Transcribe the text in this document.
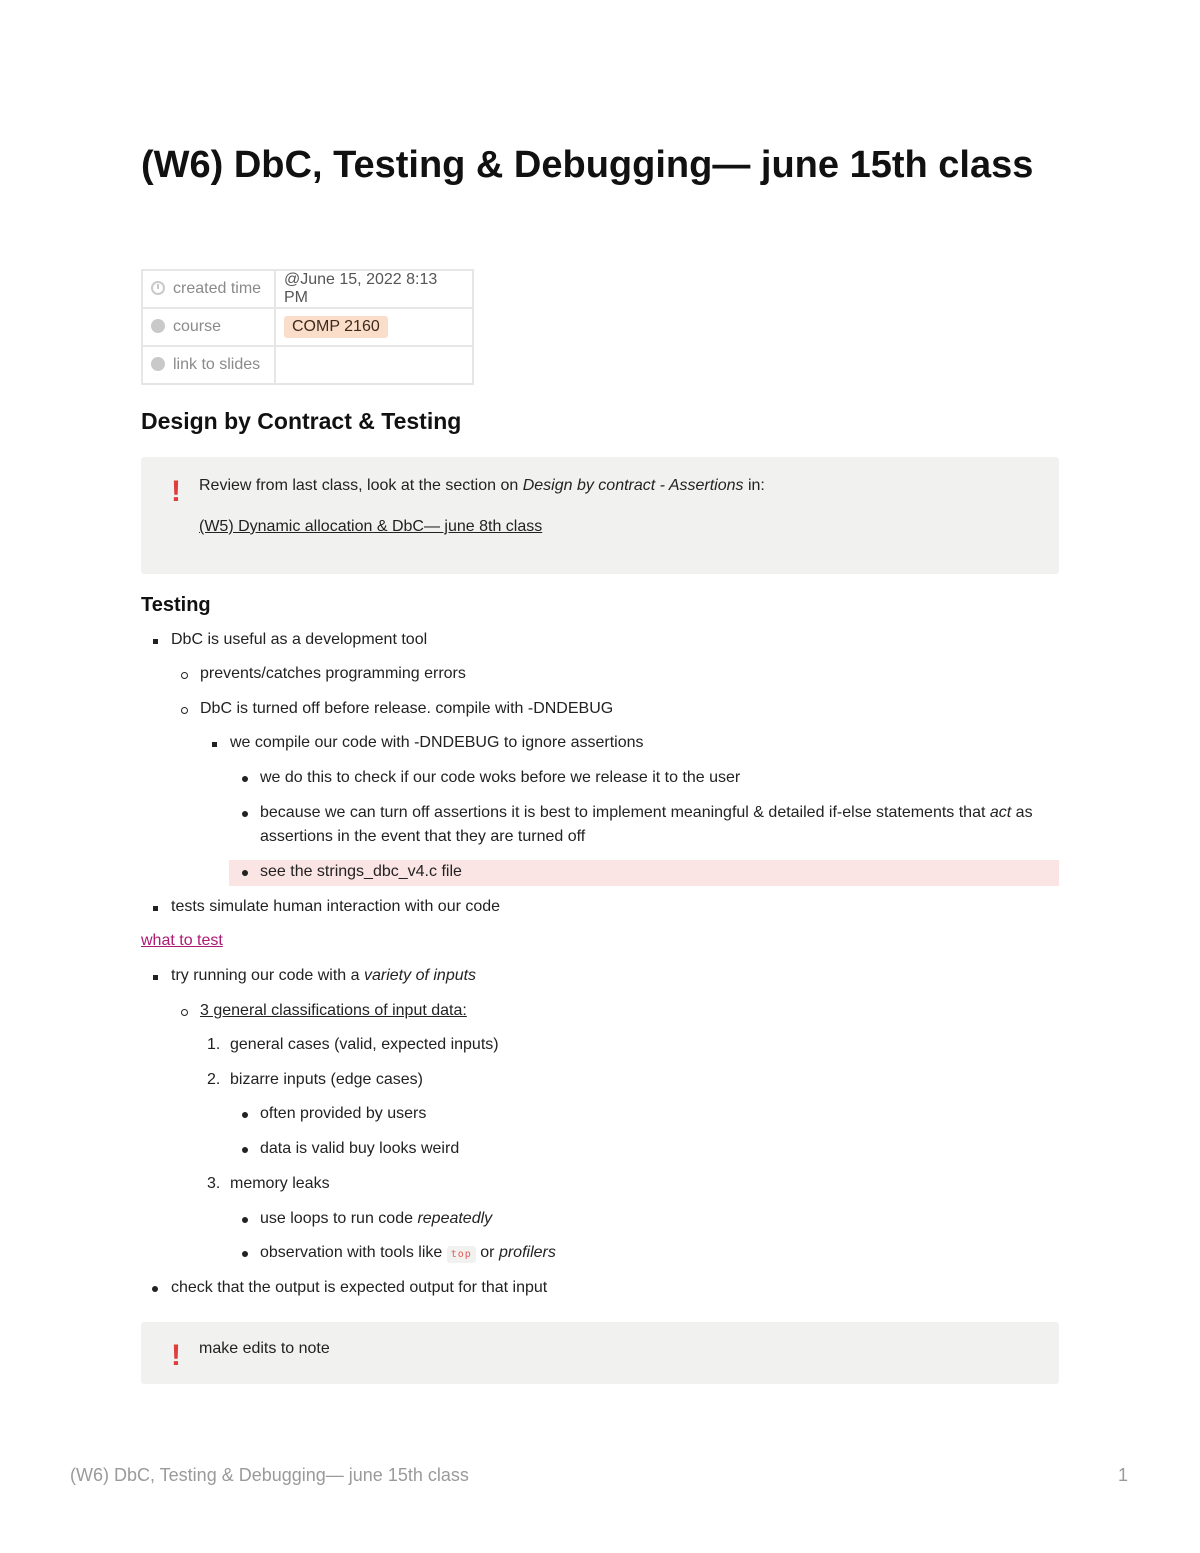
(W6) DbC, Testing & Debugging— june 15th class
created time	@June 15, 2022 8:13 PM
course	COMP 2160
link to slides	
Design by Contract & Testing
! Review from last class, look at the section on Design by contract - Assertions in:
(W5) Dynamic allocation & DbC— june 8th class
Testing
DbC is useful as a development tool
prevents/catches programming errors
DbC is turned off before release. compile with -DNDEBUG
we compile our code with -DNDEBUG to ignore assertions
we do this to check if our code woks before we release it to the user
because we can turn off assertions it is best to implement meaningful & detailed if-else statements that act as assertions in the event that they are turned off
see the strings_dbc_v4.c file
tests simulate human interaction with our code
what to test
try running our code with a variety of inputs
3 general classifications of input data:
1. general cases (valid, expected inputs)
2. bizarre inputs (edge cases)
often provided by users
data is valid buy looks weird
3. memory leaks
use loops to run code repeatedly
observation with tools like top or profilers
check that the output is expected output for that input
! make edits to note
(W6) DbC, Testing & Debugging— june 15th class	1
